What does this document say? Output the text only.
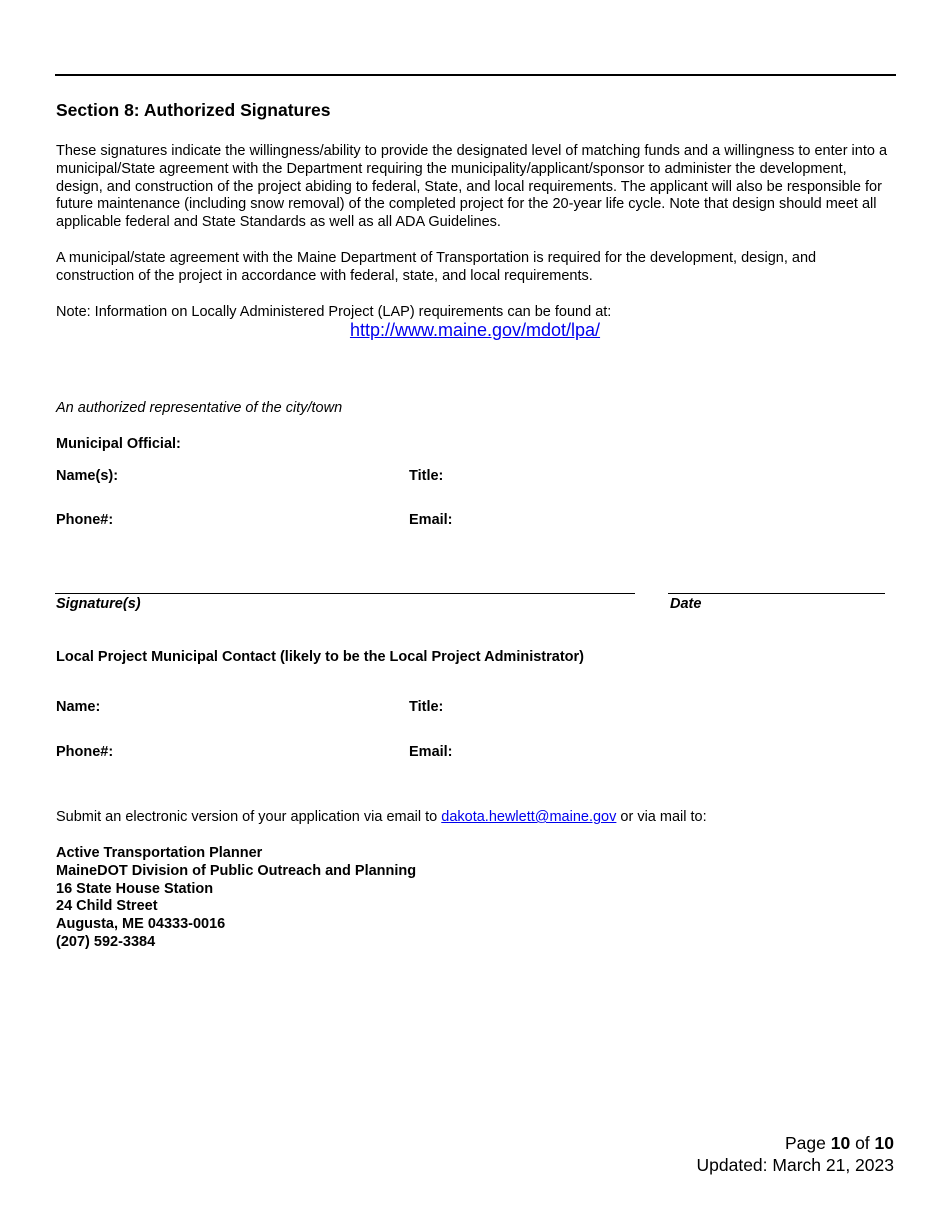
Section 8: Authorized Signatures

These signatures indicate the willingness/ability to provide the designated level of matching funds and a willingness to enter into a municipal/State agreement with the Department requiring the municipality/applicant/sponsor to administer the development, design, and construction of the project abiding to federal, State, and local requirements. The applicant will also be responsible for future maintenance (including snow removal) of the completed project for the 20-year life cycle. Note that design should meet all applicable federal and State Standards as well as all ADA Guidelines.

A municipal/state agreement with the Maine Department of Transportation is required for the development, design, and construction of the project in accordance with federal, state, and local requirements.

Note: Information on Locally Administered Project (LAP) requirements can be found at:

http://www.maine.gov/mdot/lpa/
An authorized representative of the city/town
Municipal Official:
Name(s):	Title:
Phone#:	Email:
Signature(s)	Date
Local Project Municipal Contact (likely to be the Local Project Administrator)
Name:	Title:
Phone#:	Email:
Submit an electronic version of your application via email to dakota.hewlett@maine.gov or via mail to:
Active Transportation Planner
MaineDOT Division of Public Outreach and Planning
16 State House Station
24 Child Street
Augusta, ME 04333-0016
(207) 592-3384
Page 10 of 10
Updated: March 21, 2023
